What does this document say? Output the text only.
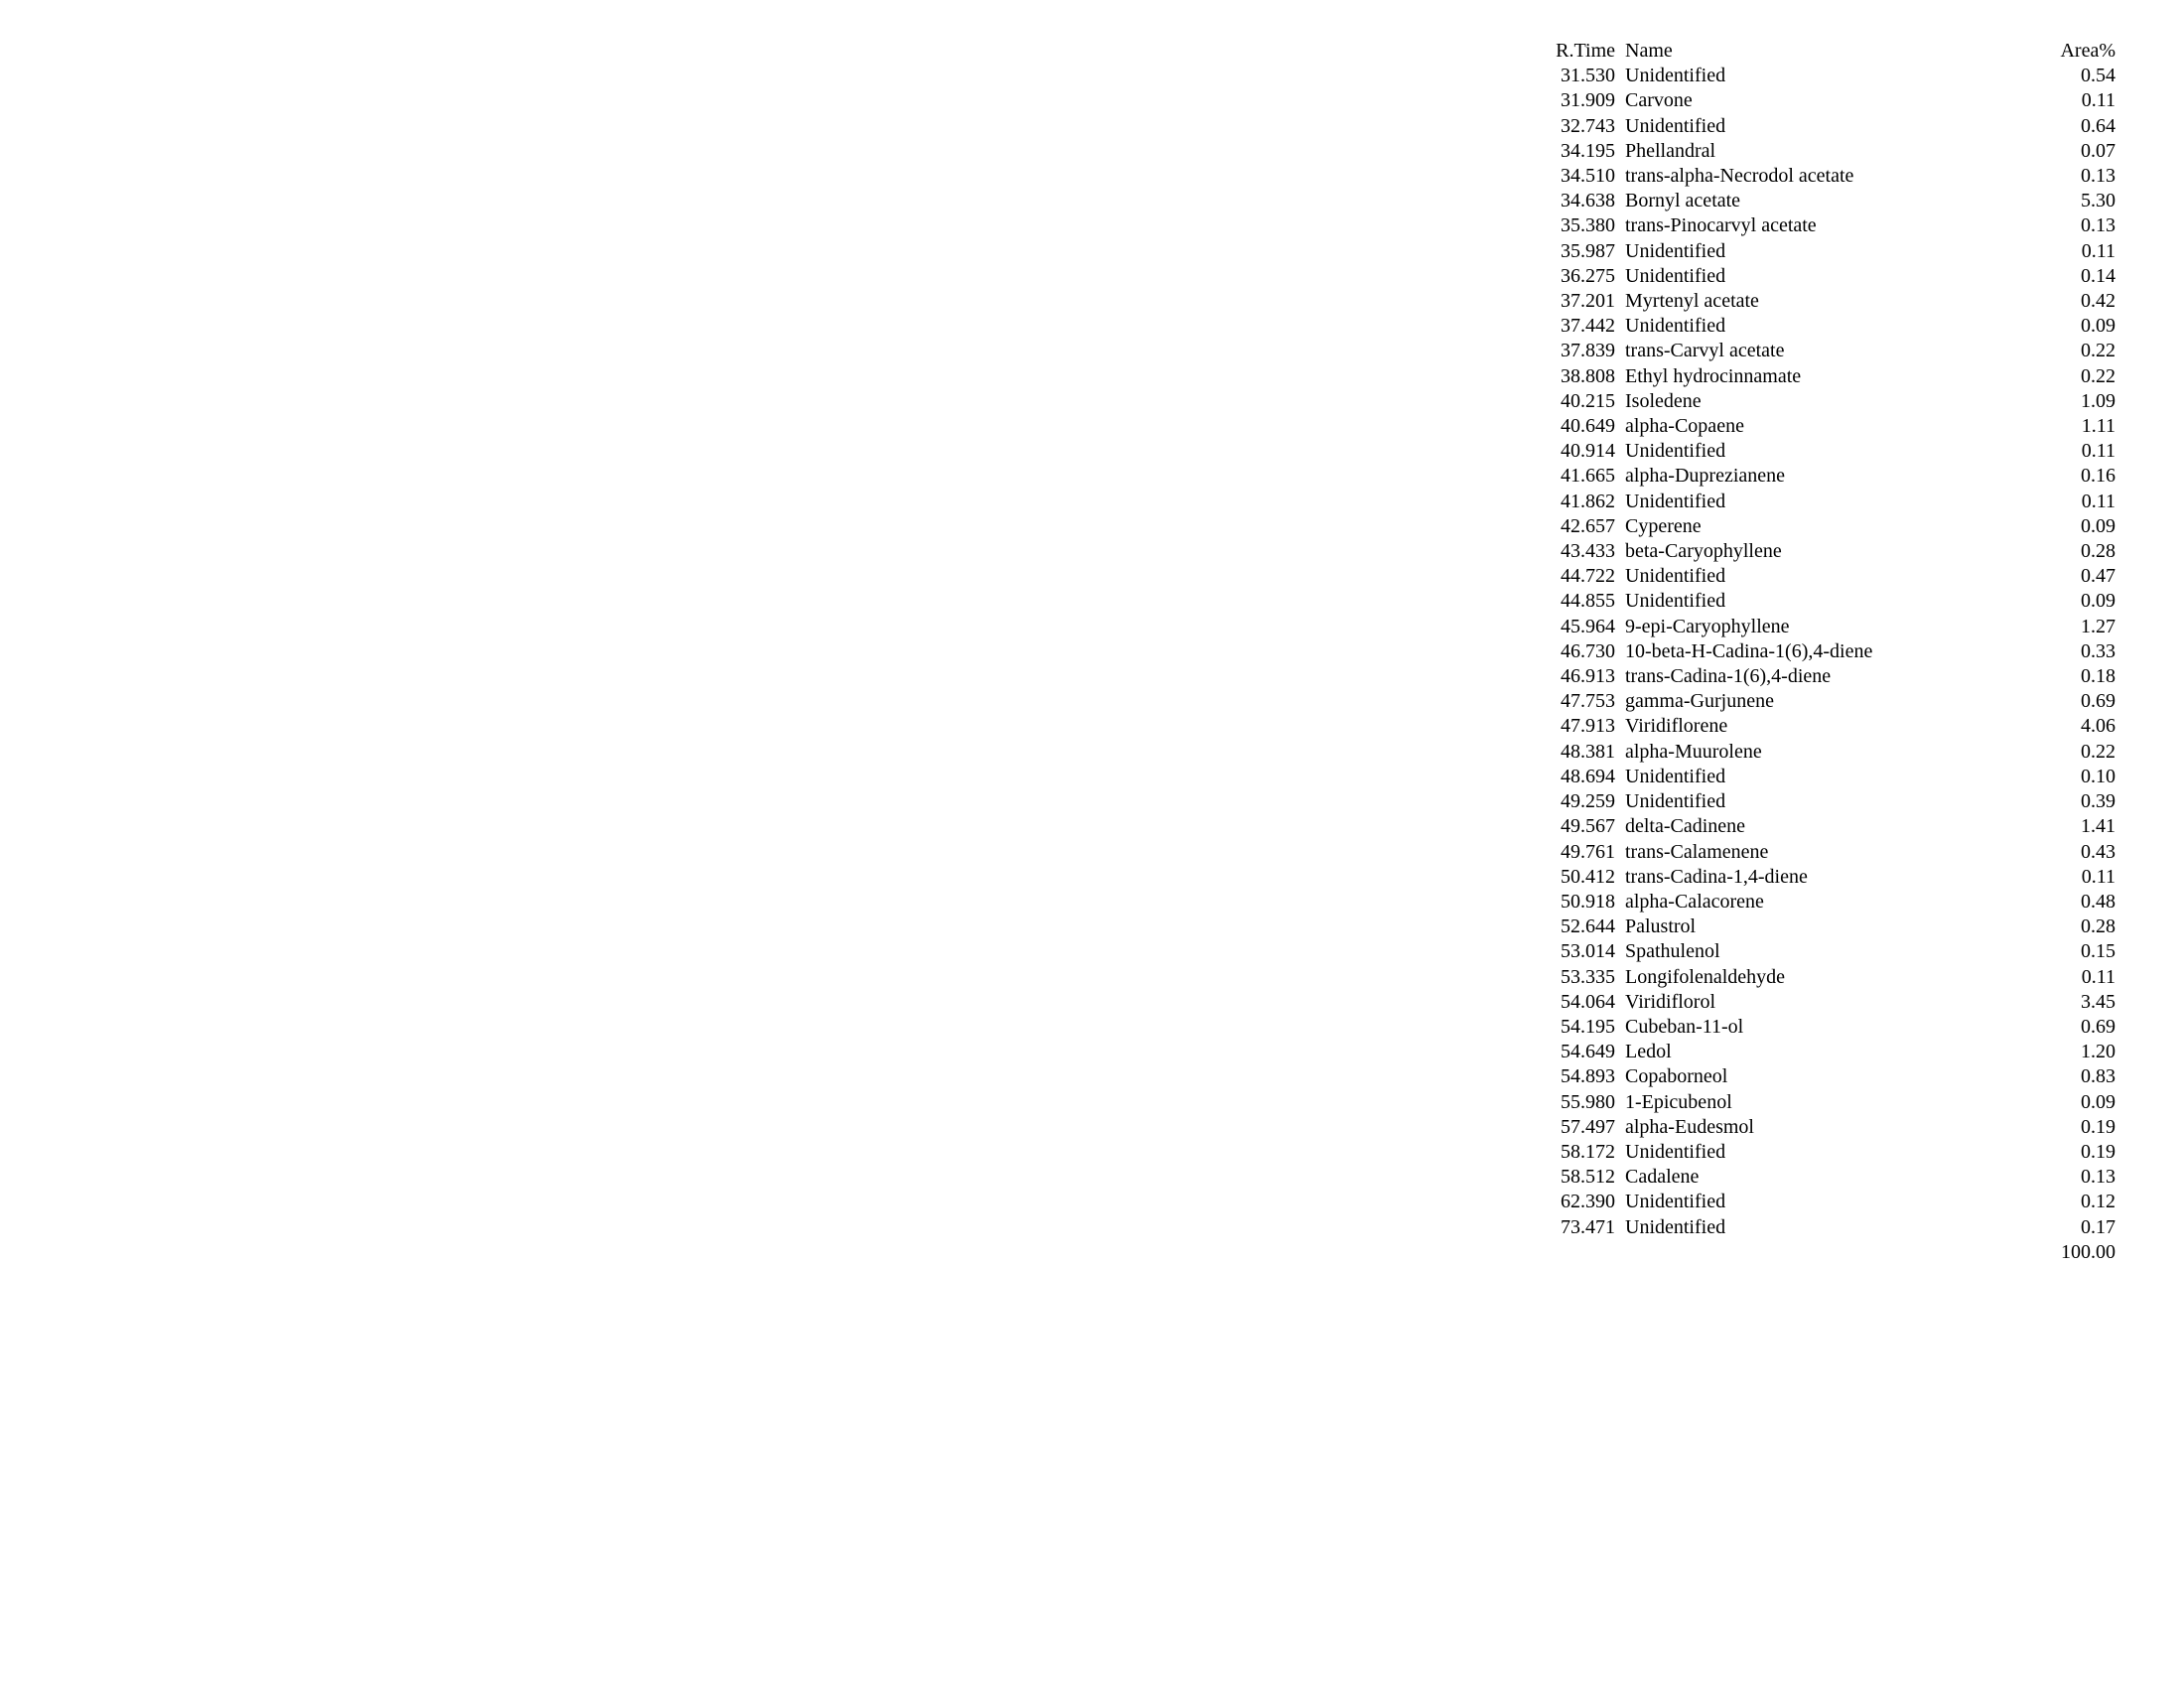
R.Time	Name	Area%
31.530	Unidentified	0.54
31.909	Carvone	0.11
32.743	Unidentified	0.64
34.195	Phellandral	0.07
34.510	trans-alpha-Necrodol acetate	0.13
34.638	Bornyl acetate	5.30
35.380	trans-Pinocarvyl acetate	0.13
35.987	Unidentified	0.11
36.275	Unidentified	0.14
37.201	Myrtenyl acetate	0.42
37.442	Unidentified	0.09
37.839	trans-Carvyl acetate	0.22
38.808	Ethyl hydrocinnamate	0.22
40.215	Isoledene	1.09
40.649	alpha-Copaene	1.11
40.914	Unidentified	0.11
41.665	alpha-Duprezianene	0.16
41.862	Unidentified	0.11
42.657	Cyperene	0.09
43.433	beta-Caryophyllene	0.28
44.722	Unidentified	0.47
44.855	Unidentified	0.09
45.964	9-epi-Caryophyllene	1.27
46.730	10-beta-H-Cadina-1(6),4-diene	0.33
46.913	trans-Cadina-1(6),4-diene	0.18
47.753	gamma-Gurjunene	0.69
47.913	Viridiflorene	4.06
48.381	alpha-Muurolene	0.22
48.694	Unidentified	0.10
49.259	Unidentified	0.39
49.567	delta-Cadinene	1.41
49.761	trans-Calamenene	0.43
50.412	trans-Cadina-1,4-diene	0.11
50.918	alpha-Calacorene	0.48
52.644	Palustrol	0.28
53.014	Spathulenol	0.15
53.335	Longifolenaldehyde	0.11
54.064	Viridiflorol	3.45
54.195	Cubeban-11-ol	0.69
54.649	Ledol	1.20
54.893	Copaborneol	0.83
55.980	1-Epicubenol	0.09
57.497	alpha-Eudesmol	0.19
58.172	Unidentified	0.19
58.512	Cadalene	0.13
62.390	Unidentified	0.12
73.471	Unidentified	0.17
		100.00
